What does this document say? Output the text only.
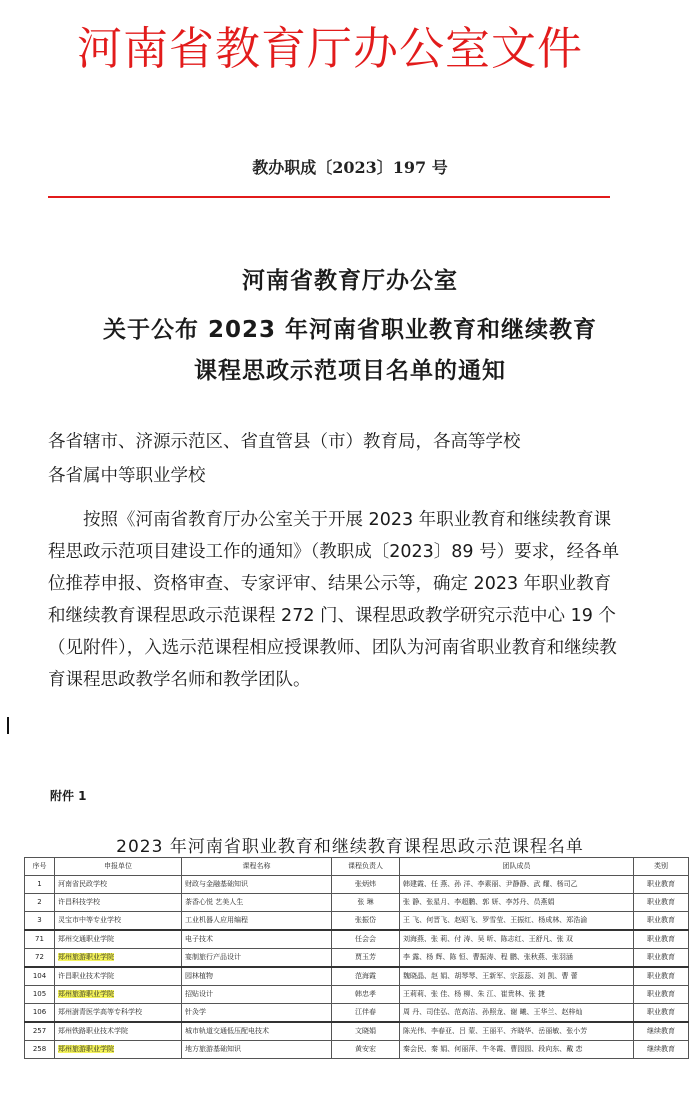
河南省教育厅办公室文件
教办职成〔2023〕197 号
河南省教育厅办公室
关于公布 2023 年河南省职业教育和继续教育
课程思政示范项目名单的通知
各省辖市、济源示范区、省直管县（市）教育局，各高等学校
各省属中等职业学校
按照《河南省教育厅办公室关于开展 2023 年职业教育和继续教育课程思政示范项目建设工作的通知》（教职成〔2023〕89 号）要求，经各单位推荐申报、资格审查、专家评审、结果公示等，确定 2023 年职业教育和继续教育课程思政示范课程 272 门、课程思政教学研究示范中心 19 个（见附件），入选示范课程相应授课教师、团队为河南省职业教育和继续教育课程思政教学名师和教学团队。
附件 1
2023 年河南省职业教育和继续教育课程思政示范课程名单
序号	申报单位	课程名称	课程负责人	团队成员	类别
1	河南省民政学校	财政与金融基础知识	张炳炜	韩建霞、任 燕、孙 洋、李素丽、尹静静、武 耀、杨司乙	职业教育
2	许昌科技学校	茶香心悦 艺美人生	张 琳	张 静、张星月、李超鹏、郭 妍、李苏丹、员燕娟	职业教育
3	灵宝市中等专业学校	工业机器人应用编程	张振岱	王 飞、何晋飞、赵昭飞、罗雪莹、王振红、杨成林、郑浩渝	职业教育
71	郑州交通职业学院	电子技术	任会会	刘海燕、张 莉、付 涛、吴 昕、陈志红、王舒凡、张 双	职业教育
72	郑州旅游职业学院	宴制旅行产品设计	贾玉芳	李 露、杨 辉、陈 恒、曹振涛、程 鹏、张秋燕、张羽涵	职业教育
104	许昌职业技术学院	园林植物	范海霞	魏晓晶、赵 娟、胡琴琴、王新军、宗蕊蕊、刘 凯、曹 蕾	职业教育
105	郑州旅游职业学院	招贴设计	韩忠孝	王莉莉、张 佳、杨 柳、朱 江、崔贵林、张 捷	职业教育
106	郑州澍青医学高等专科学校	针灸学	江伴春	周 丹、司佳弘、范高洁、孙照龙、谢 曦、王华兰、赵梓灿	职业教育
257	郑州铁路职业技术学院	城市轨道交通低压配电技术	文晓娟	陈光伟、李春亚、吕 蒙、王丽平、齐晓华、岳丽敏、张小芳	继续教育
258	郑州旅游职业学院	地方旅游基础知识	黄安宏	秦会民、秦 娟、何丽萍、牛冬霞、曹园园、段向东、戴 恋	继续教育
